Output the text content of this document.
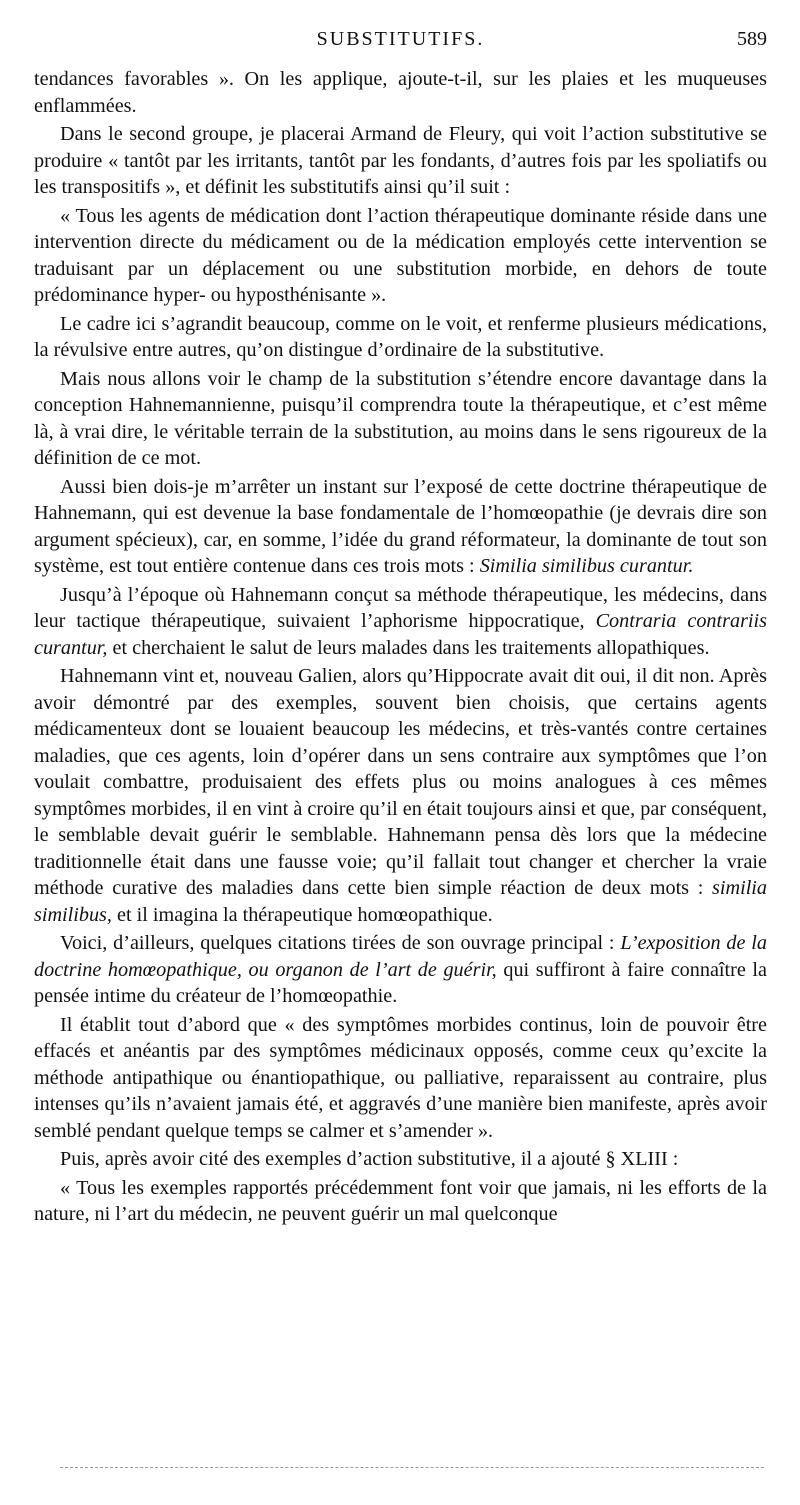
SUBSTITUTIFS.	589

tendances favorables ». On les applique, ajoute-t-il, sur les plaies et les muqueuses enflammées.

Dans le second groupe, je placerai Armand de Fleury, qui voit l’action substitutive se produire « tantôt par les irritants, tantôt par les fondants, d’autres fois par les spoliatifs ou les transpositifs », et définit les substitutifs ainsi qu’il suit :

« Tous les agents de médication dont l’action thérapeutique dominante réside dans une intervention directe du médicament ou de la médication employés cette intervention se traduisant par un déplacement ou une substitution morbide, en dehors de toute prédominance hyper- ou hyposthénisante ».

Le cadre ici s’agrandit beaucoup, comme on le voit, et renferme plusieurs médications, la révulsive entre autres, qu’on distingue d’ordinaire de la substitutive.

Mais nous allons voir le champ de la substitution s’étendre encore davantage dans la conception Hahnemannienne, puisqu’il comprendra toute la thérapeutique, et c’est même là, à vrai dire, le véritable terrain de la substitution, au moins dans le sens rigoureux de la définition de ce mot.

Aussi bien dois-je m’arrêter un instant sur l’exposé de cette doctrine thérapeutique de Hahnemann, qui est devenue la base fondamentale de l’homœopathie (je devrais dire son argument spécieux), car, en somme, l’idée du grand réformateur, la dominante de tout son système, est tout entière contenue dans ces trois mots : Similia similibus curantur.

Jusqu’à l’époque où Hahnemann conçut sa méthode thérapeutique, les médecins, dans leur tactique thérapeutique, suivaient l’aphorisme hippocratique, Contraria contrariis curantur, et cherchaient le salut de leurs malades dans les traitements allopathiques.

Hahnemann vint et, nouveau Galien, alors qu’Hippocrate avait dit oui, il dit non. Après avoir démontré par des exemples, souvent bien choisis, que certains agents médicamenteux dont se louaient beaucoup les médecins, et très-vantés contre certaines maladies, que ces agents, loin d’opérer dans un sens contraire aux symptômes que l’on voulait combattre, produisaient des effets plus ou moins analogues à ces mêmes symptômes morbides, il en vint à croire qu’il en était toujours ainsi et que, par conséquent, le semblable devait guérir le semblable. Hahnemann pensa dès lors que la médecine traditionnelle était dans une fausse voie; qu’il fallait tout changer et chercher la vraie méthode curative des maladies dans cette bien simple réaction de deux mots : similia similibus, et il imagina la thérapeutique homœopathique.

Voici, d’ailleurs, quelques citations tirées de son ouvrage principal : L’exposition de la doctrine homœopathique, ou organon de l’art de guérir, qui suffiront à faire connaître la pensée intime du créateur de l’homœopathie.

Il établit tout d’abord que « des symptômes morbides continus, loin de pouvoir être effacés et anéantis par des symptômes médicinaux opposés, comme ceux qu’excite la méthode antipathique ou énantiopathique, ou palliative, reparaissent au contraire, plus intenses qu’ils n’avaient jamais été, et aggravés d’une manière bien manifeste, après avoir semblé pendant quelque temps se calmer et s’amender ».

Puis, après avoir cité des exemples d’action substitutive, il a ajouté § XLIII :

« Tous les exemples rapportés précédemment font voir que jamais, ni les efforts de la nature, ni l’art du médecin, ne peuvent guérir un mal quelconque
